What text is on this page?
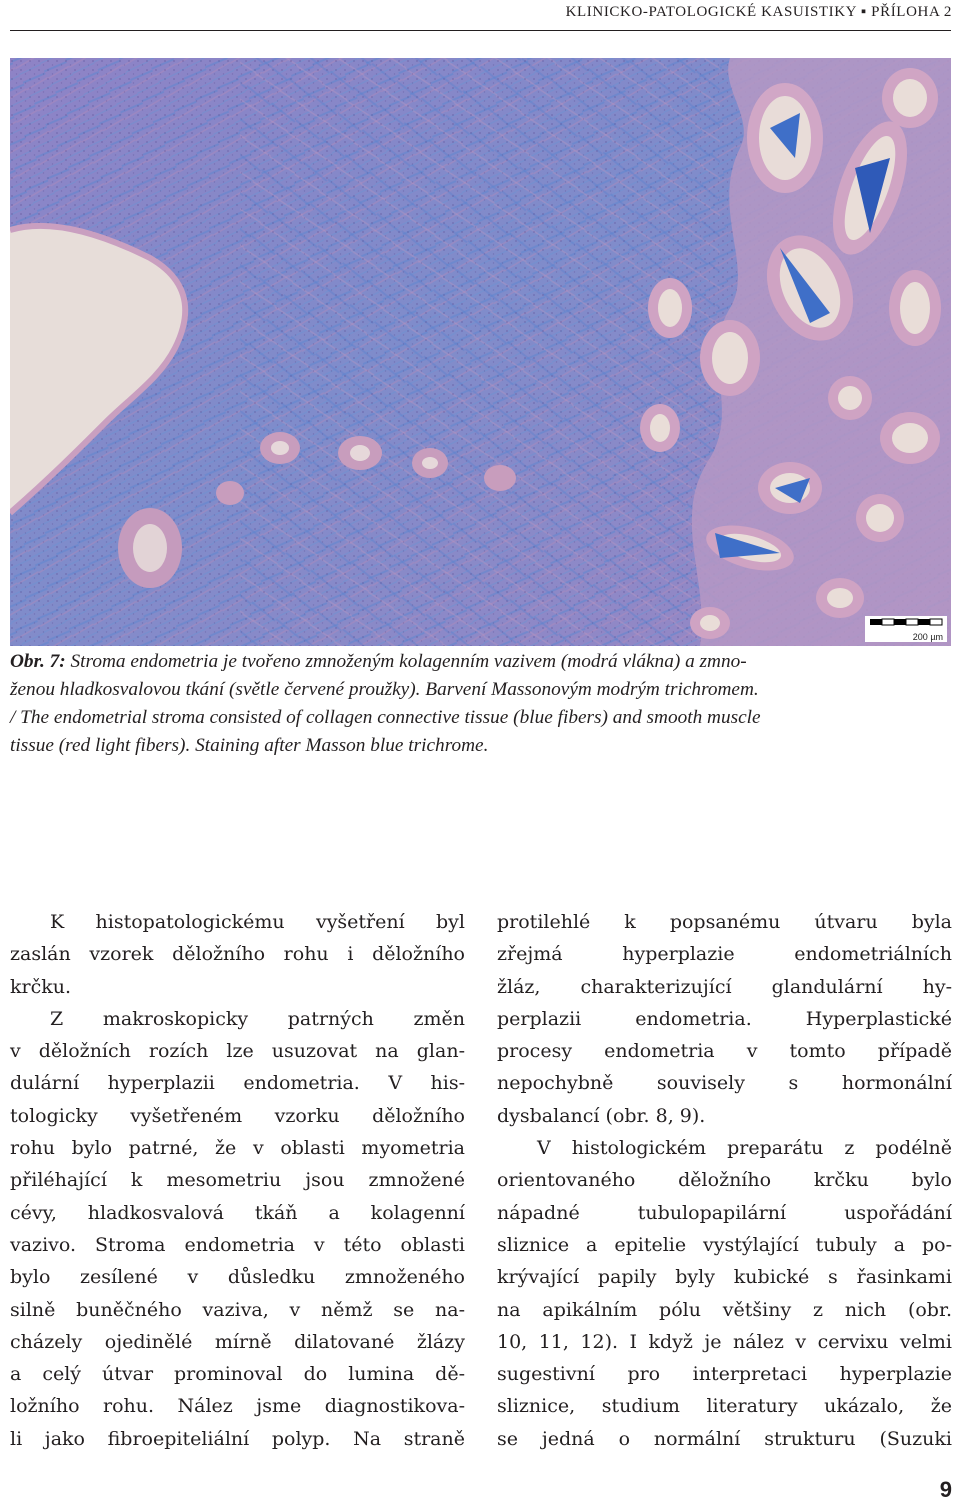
KLINICKO-PATOLOGICKÉ KASUISTIKY ▪ PŘÍLOHA 2
200 µm
Obr. 7: Stroma endometria je tvořeno zmnoženým kolagenním vazivem (modrá vlákna) a zmno-
ženou hladkosvalovou tkání (světle červené proužky). Barvení Massonovým modrým trichromem.
/ The endometrial stroma consisted of collagen connective tissue (blue fibers) and smooth muscle
tissue (red light fibers). Staining after Masson blue trichrome.
K histopatologickému vyšetření byl
zaslán vzorek děložního rohu i děložního
krčku.
Z makroskopicky patrných změn
v děložních rozích lze usuzovat na glan-
dulární hyperplazii endometria. V his-
tologicky vyšetřeném vzorku děložního
rohu bylo patrné, že v oblasti myometria
přiléhající k mesometriu jsou zmnožené
cévy, hladkosvalová tkáň a kolagenní
vazivo. Stroma endometria v této oblasti
bylo zesílené v důsledku zmnoženého
silně buněčného vaziva, v němž se na-
cházely ojedinělé mírně dilatované žlázy
a celý útvar prominoval do lumina dě-
ložního rohu. Nález jsme diagnostikova-
li jako fibroepiteliální polyp. Na straně
protilehlé k popsanému útvaru byla
zřejmá hyperplazie endometriálních
žláz, charakterizující glandulární hy-
perplazii endometria. Hyperplastické
procesy endometria v tomto případě
nepochybně souvisely s hormonální
dysbalancí (obr. 8, 9).
V histologickém preparátu z podélně
orientovaného děložního krčku bylo
nápadné tubulopapilární uspořádání
sliznice a epitelie vystýlající tubuly a po-
krývající papily byly kubické s řasinkami
na apikálním pólu většiny z nich (obr.
10, 11, 12). I když je nález v cervixu velmi
sugestivní pro interpretaci hyperplazie
sliznice, studium literatury ukázalo, že
se jedná o normální strukturu (Suzuki
9
